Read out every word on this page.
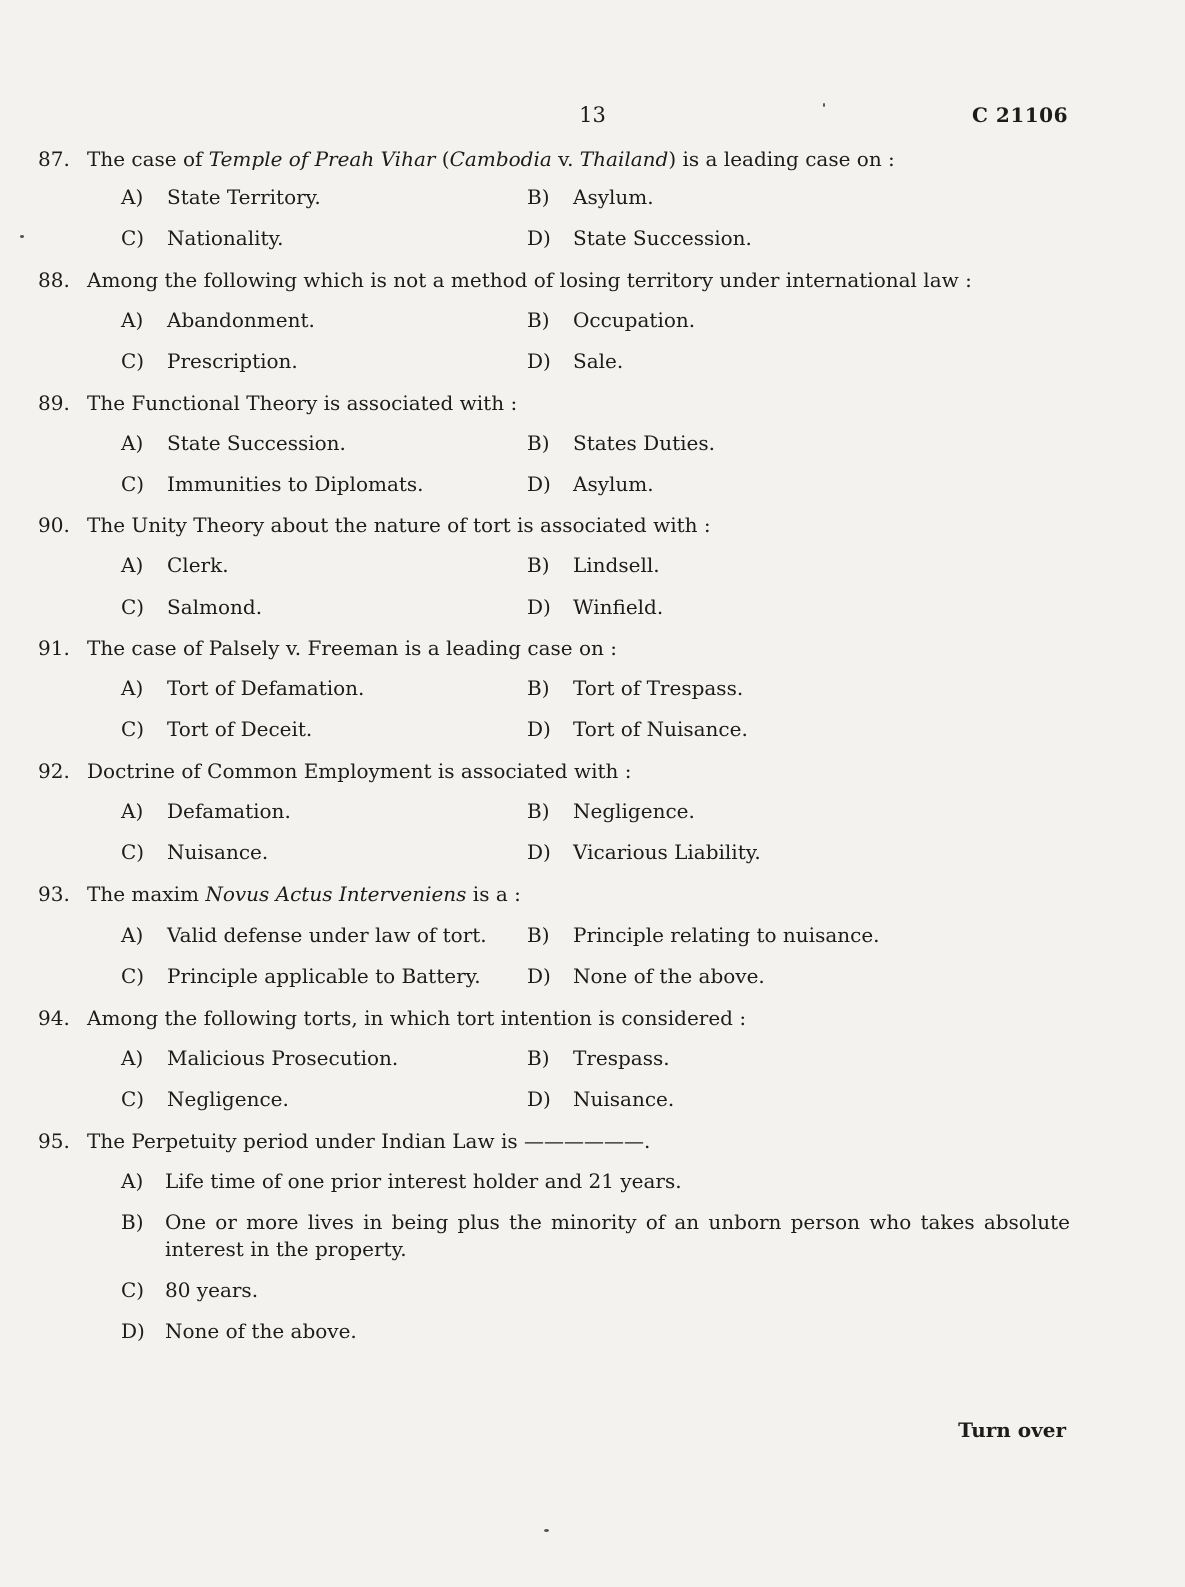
13	C 21106
87. The case of Temple of Preah Vihar (Cambodia v. Thailand) is a leading case on :
A) State Territory.	B) Asylum.
C) Nationality.	D) State Succession.
88. Among the following which is not a method of losing territory under international law :
A) Abandonment.	B) Occupation.
C) Prescription.	D) Sale.
89. The Functional Theory is associated with :
A) State Succession.	B) States Duties.
C) Immunities to Diplomats.	D) Asylum.
90. The Unity Theory about the nature of tort is associated with :
A) Clerk.	B) Lindsell.
C) Salmond.	D) Winfield.
91. The case of Palsely v. Freeman is a leading case on :
A) Tort of Defamation.	B) Tort of Trespass.
C) Tort of Deceit.	D) Tort of Nuisance.
92. Doctrine of Common Employment is associated with :
A) Defamation.	B) Negligence.
C) Nuisance.	D) Vicarious Liability.
93. The maxim Novus Actus Interveniens is a :
A) Valid defense under law of tort. B) Principle relating to nuisance.
C) Principle applicable to Battery. D) None of the above.
94. Among the following torts, in which tort intention is considered :
A) Malicious Prosecution.	B) Trespass.
C) Negligence.	D) Nuisance.
95. The Perpetuity period under Indian Law is ——————.
A)	Life time of one prior interest holder and 21 years.
B)	One or more lives in being plus the minority of an unborn person who takes absolute interest in the property.
C)	80 years.
D)	None of the above.
Turn over
